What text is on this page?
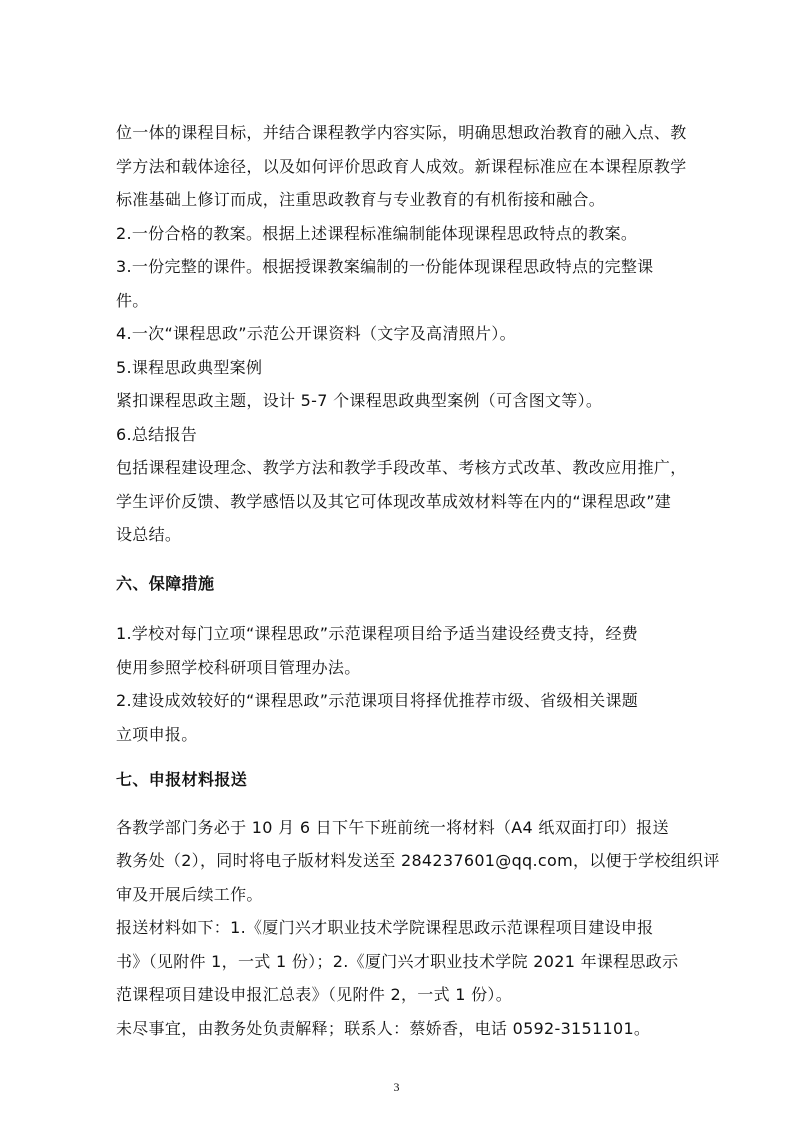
位一体的课程目标，并结合课程教学内容实际，明确思想政治教育的融入点、教
学方法和载体途径，以及如何评价思政育人成效。新课程标准应在本课程原教学
标准基础上修订而成，注重思政教育与专业教育的有机衔接和融合。
2.一份合格的教案。根据上述课程标准编制能体现课程思政特点的教案。
3.一份完整的课件。根据授课教案编制的一份能体现课程思政特点的完整课
件。
4.一次“课程思政”示范公开课资料（文字及高清照片）。
5.课程思政典型案例
紧扣课程思政主题，设计 5-7 个课程思政典型案例（可含图文等）。
6.总结报告
包括课程建设理念、教学方法和教学手段改革、考核方式改革、教改应用推广，
学生评价反馈、教学感悟以及其它可体现改革成效材料等在内的“课程思政”建
设总结。
六、保障措施
1.学校对每门立项“课程思政”示范课程项目给予适当建设经费支持，经费
使用参照学校科研项目管理办法。
2.建设成效较好的“课程思政”示范课项目将择优推荐市级、省级相关课题
立项申报。
七、申报材料报送
各教学部门务必于 10 月 6 日下午下班前统一将材料（A4 纸双面打印）报送
教务处（2），同时将电子版材料发送至 284237601@qq.com，以便于学校组织评
审及开展后续工作。
报送材料如下：1.《厦门兴才职业技术学院课程思政示范课程项目建设申报
书》（见附件 1，一式 1 份）；2.《厦门兴才职业技术学院 2021 年课程思政示
范课程项目建设申报汇总表》（见附件 2，一式 1 份）。
未尽事宜，由教务处负责解释；联系人：蔡娇香，电话 0592-3151101。
3
